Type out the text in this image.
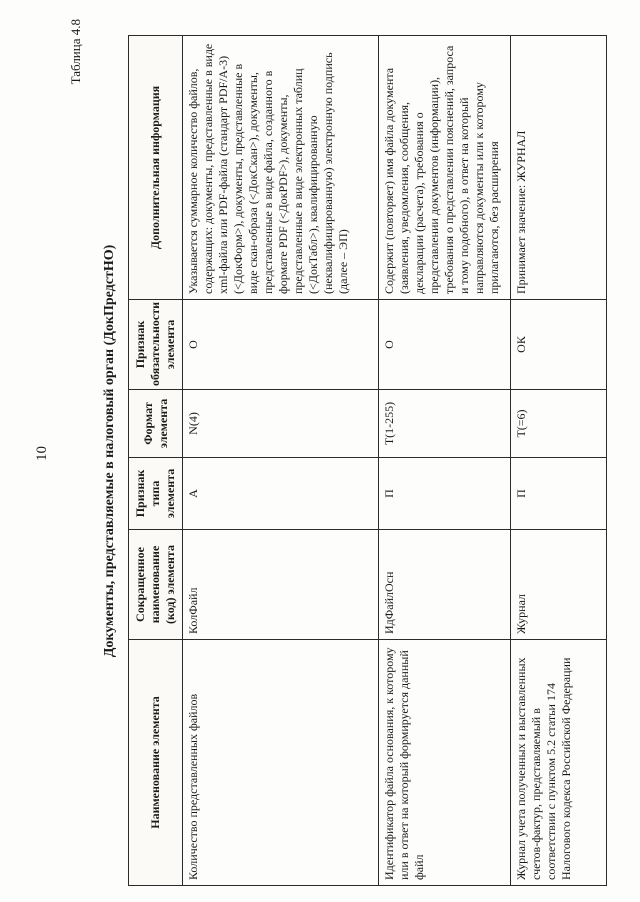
10
Таблица 4.8
Документы, представляемые в налоговый орган (ДокПредстНО)
Наименование элемента	Сокращенное наименование (код) элемента	Признак типа элемента	Формат элемента	Признак обязательности элемента	Дополнительная информация
Количество представленных файлов	КолФайл	А	N(4)	О	Указывается суммарное количество файлов, содержащих: документы, представленные в виде xml-файла или PDF-файла (стандарт PDF/A-3) (<ДокФорм>), документы, представленные в виде скан-образа (<ДокСкан>), документы, представленные в виде файла, созданного в формате PDF (<ДокPDF>), документы, представленные в виде электронных таблиц (<ДокТабл>), квалифицированную (неквалифицированную) электронную подпись (далее – ЭП)
Идентификатор файла основания, к которому или в ответ на который формируется данный файл	ИдФайлОсн	П	T(1-255)	О	Содержит (повторяет) имя файла документа (заявления, уведомления, сообщения, декларации (расчета), требования о представлении документов (информации), требования о представлении пояснений, запроса и тому подобного), в ответ на который направляются документы или к которому прилагаются, без расширения
Журнал учета полученных и выставленных счетов-фактур, представляемый в соответствии с пунктом 5.2 статьи 174 Налогового кодекса Российской Федерации	Журнал	П	T(=6)	ОК	Принимает значение: ЖУРНАЛ
